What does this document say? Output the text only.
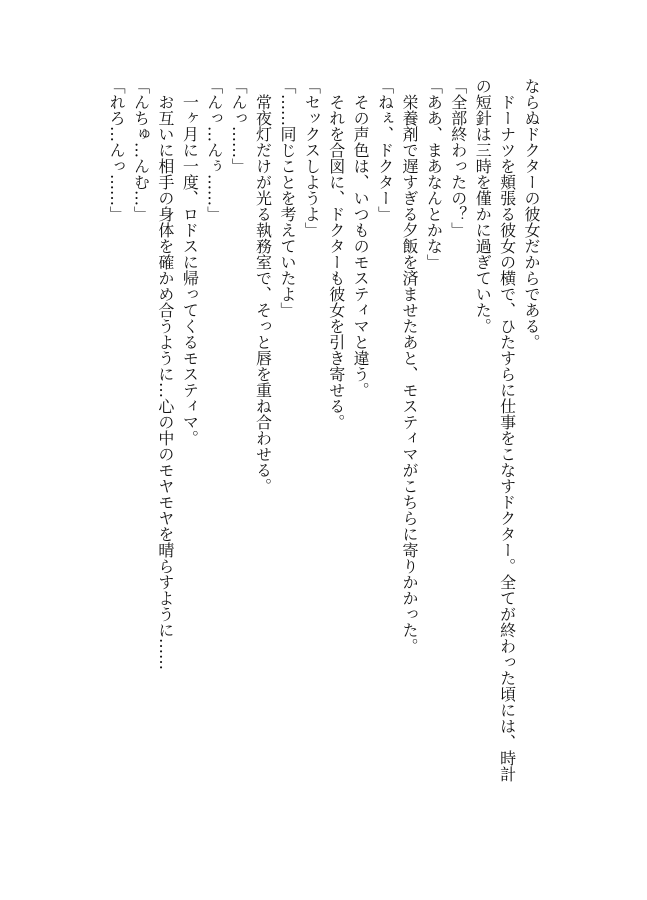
ならぬドクターの彼女だからである。
　ドーナツを頬張る彼女の横で、ひたすらに仕事をこなすドクター。全てが終わった頃には、時計
の短針は三時を僅かに過ぎていた。
「全部終わったの？」
「ああ、まあなんとかな」
　栄養剤で遅すぎる夕飯を済ませたあと、モスティマがこちらに寄りかかった。
「ねぇ、ドクター」
　その声色は、いつものモスティマと違う。
　それを合図に、ドクターも彼女を引き寄せる。
「セックスしようよ」
「……同じことを考えていたよ」
　常夜灯だけが光る執務室で、そっと唇を重ね合わせる。
「んっ……」
「んっ…んぅ……」
　一ヶ月に一度、ロドスに帰ってくるモスティマ。
　お互いに相手の身体を確かめ合うように…心の中のモヤモヤを晴らすように……
「んちゅ…んむ…」
「れろ…んっ……」
